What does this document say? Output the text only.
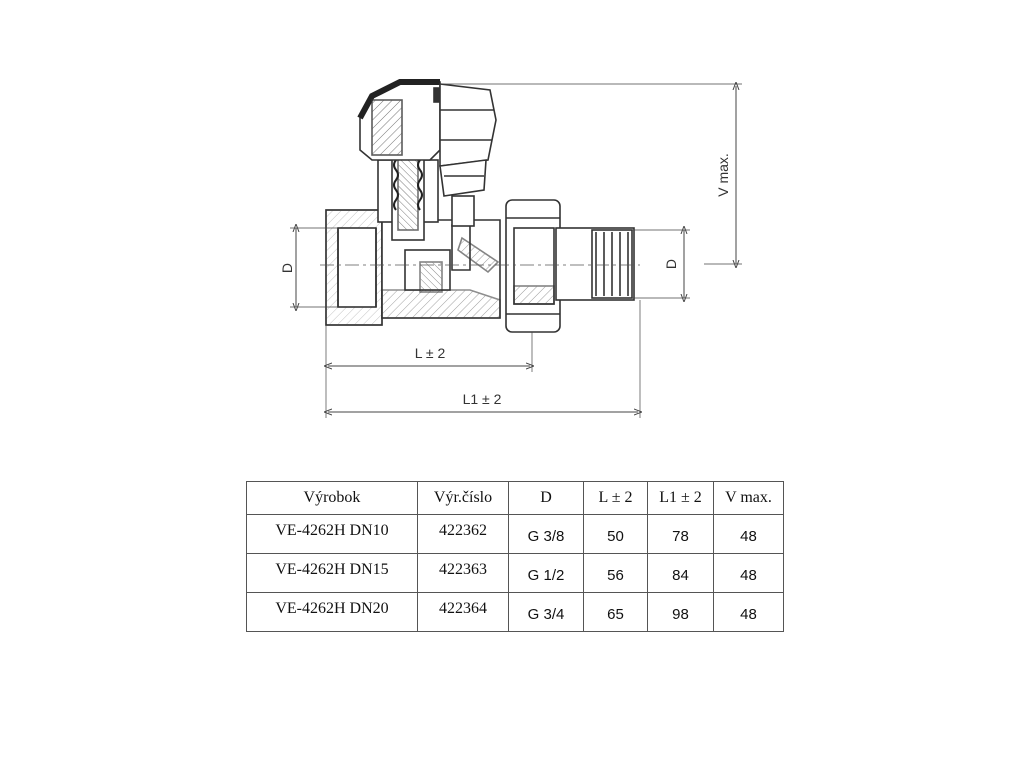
D	D
V max.
L ± 2
L1 ± 2
Výrobok	Výr.číslo	D	L ± 2	L1 ± 2	V max.
VE-4262H DN10	422362	G 3/8	50	78	48
VE-4262H DN15	422363	G 1/2	56	84	48
VE-4262H DN20	422364	G 3/4	65	98	48
